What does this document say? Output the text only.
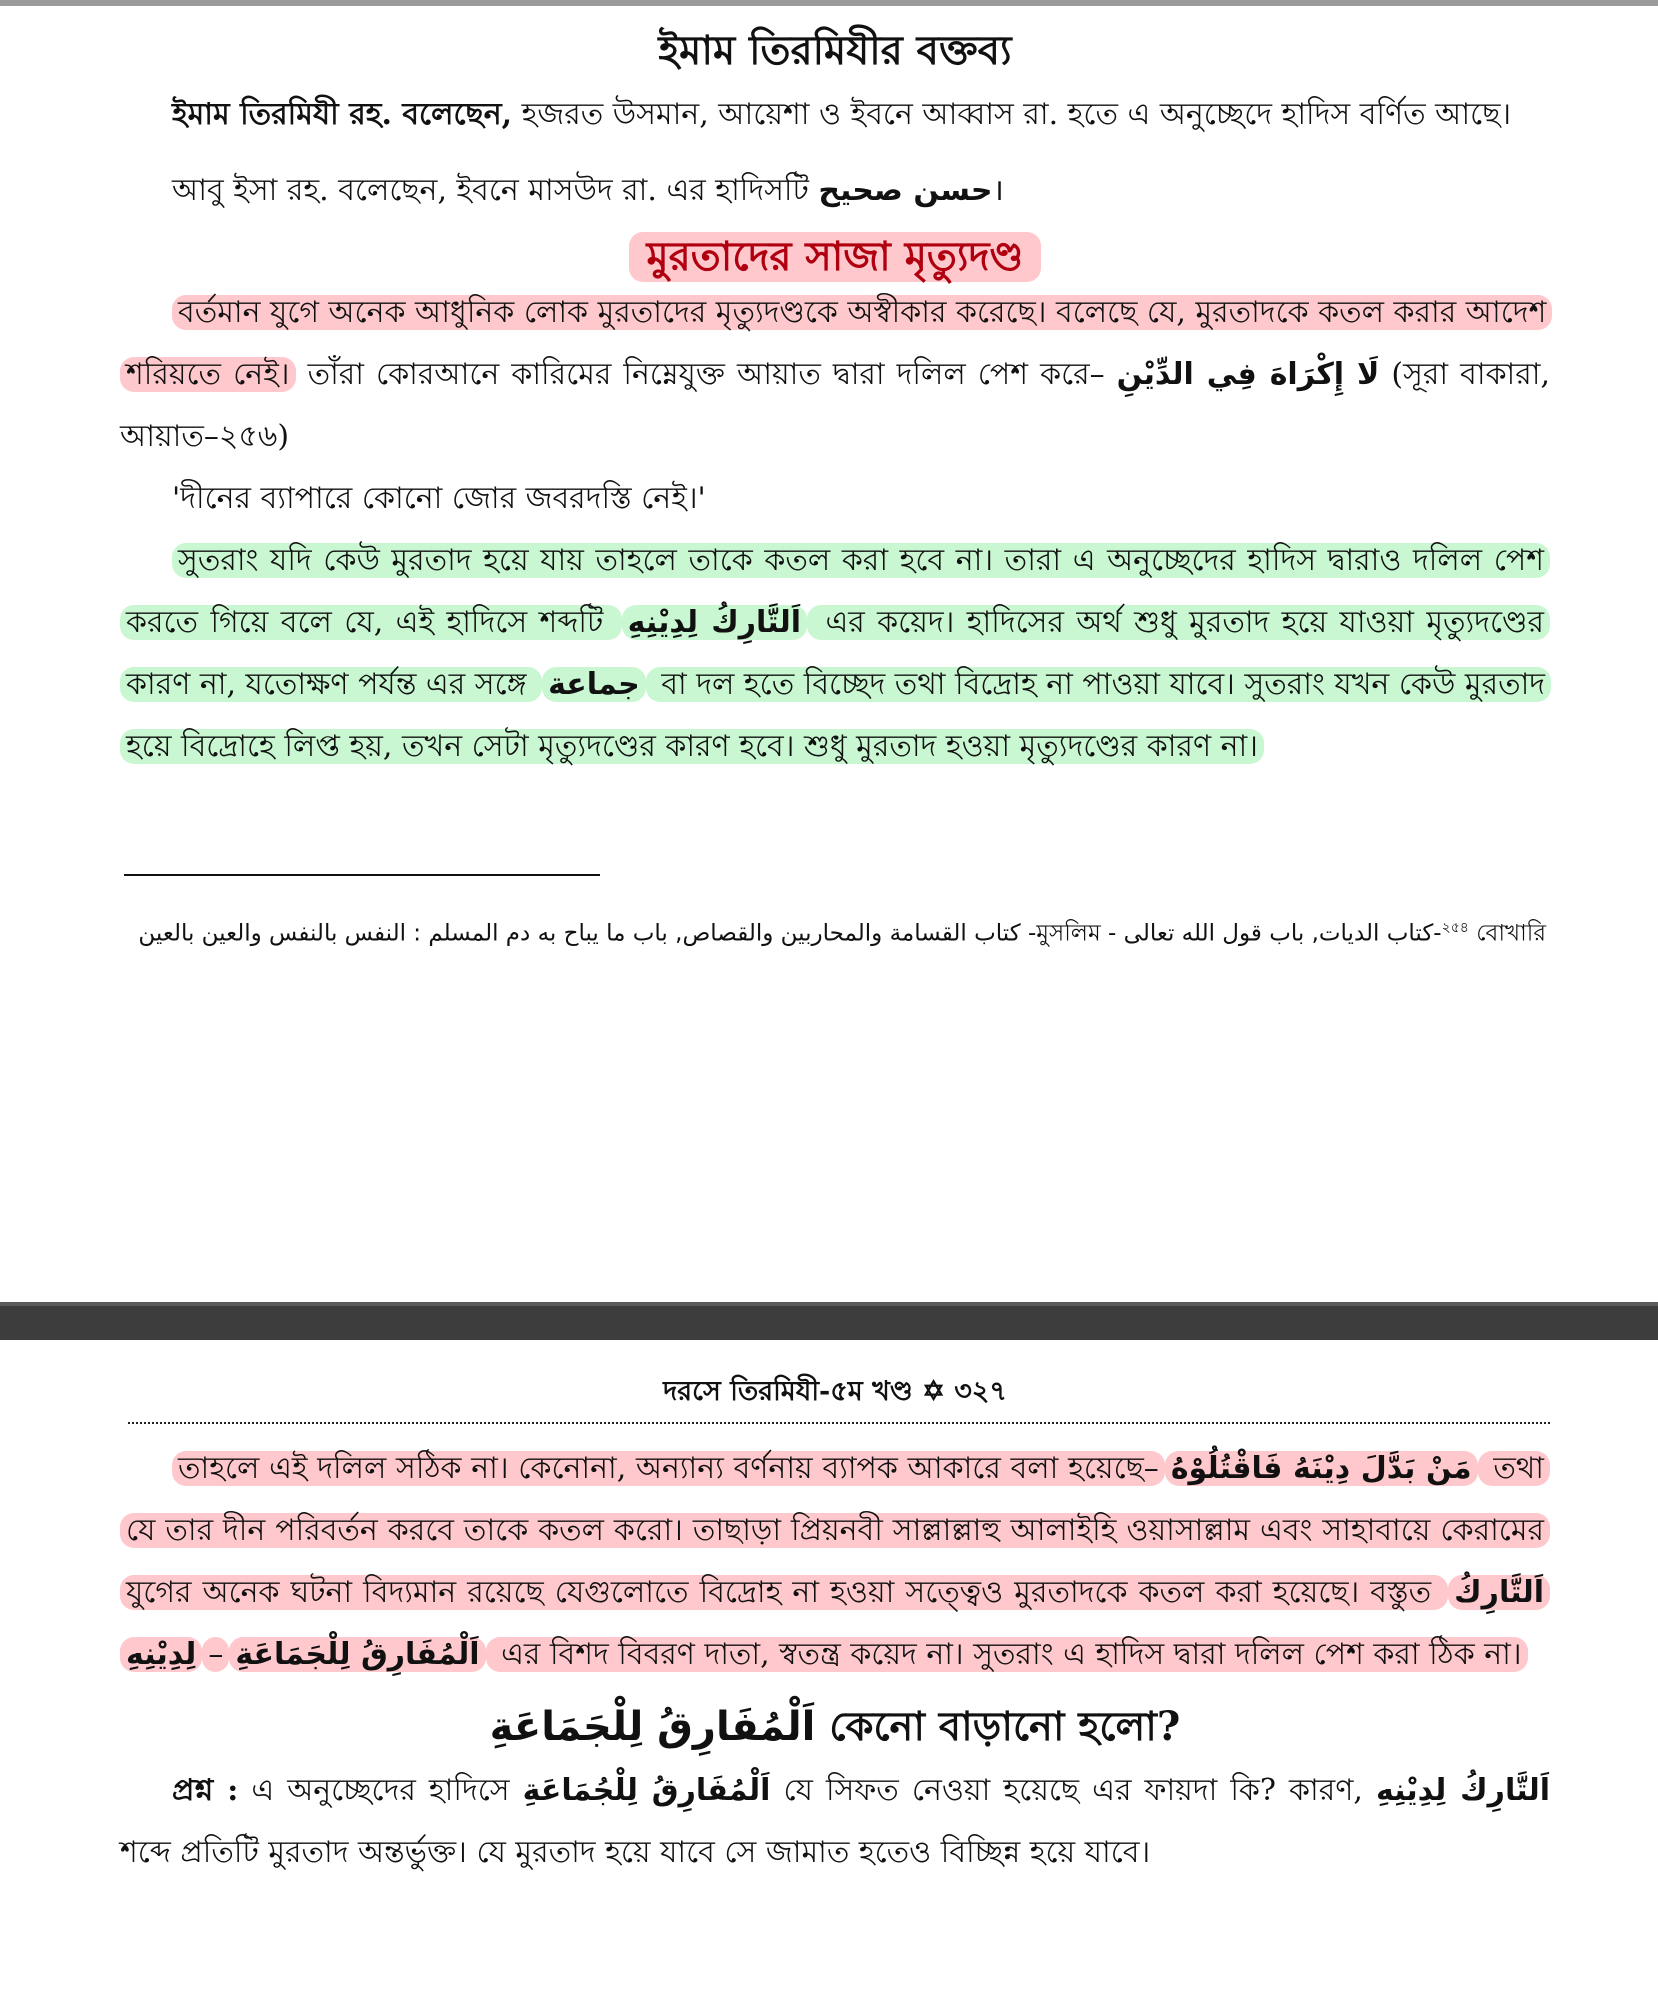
ইমাম তিরমিযীর বক্তব্য

ইমাম তিরমিযী রহ. বলেছেন, হজরত উসমান, আয়েশা ও ইবনে আব্বাস রা. হতে এ অনুচ্ছেদে হাদিস বর্ণিত আছে।

আবু ইসা রহ. বলেছেন, ইবনে মাসউদ রা. এর হাদিসটি حسن صحيح।

মুরতাদের সাজা মৃত্যুদণ্ড

বর্তমান যুগে অনেক আধুনিক লোক মুরতাদের মৃত্যুদণ্ডকে অস্বীকার করেছে। বলেছে যে, মুরতাদকে কতল করার আদেশ শরিয়তে নেই। তাঁরা কোরআনে কারিমের নিম্নেযুক্ত আয়াত দ্বারা দলিল পেশ করে– لَا إِكْرَاهَ فِي الدِّيْنِ (সূরা বাকারা, আয়াত–২৫৬)

'দীনের ব্যাপারে কোনো জোর জবরদস্তি নেই।'

সুতরাং যদি কেউ মুরতাদ হয়ে যায় তাহলে তাকে কতল করা হবে না। তারা এ অনুচ্ছেদের হাদিস দ্বারাও দলিল পেশ করতে গিয়ে বলে যে, এই হাদিসে শব্দটি اَلتَّارِكُ لِدِيْنِهِ এর কয়েদ। হাদিসের অর্থ শুধু মুরতাদ হয়ে যাওয়া মৃত্যুদণ্ডের কারণ না, যতোক্ষণ পর্যন্ত এর সঙ্গে جماعة বা দল হতে বিচ্ছেদ তথা বিদ্রোহ না পাওয়া যাবে। সুতরাং যখন কেউ মুরতাদ হয়ে বিদ্রোহে লিপ্ত হয়, তখন সেটা মৃত্যুদণ্ডের কারণ হবে। শুধু মুরতাদ হওয়া মৃত্যুদণ্ডের কারণ না।

$^{২৫৪}$ বোখারি-كتاب الديات, باب قول الله تعالى - মুসলিম- كتاب القسامة والمحاربين والقصاص, باب ما يباح به دم المسلم : النفس بالنفس والعين بالعين
দরসে তিরমিযী-৫ম খণ্ড ✡ ৩২৭

তাহলে এই দলিল সঠিক না। কেনোনা, অন্যান্য বর্ণনায় ব্যাপক আকারে বলা হয়েছে– مَنْ بَدَّلَ دِيْنَهُ فَاقْتُلُوْهُ তথা যে তার দীন পরিবর্তন করবে তাকে কতল করো। তাছাড়া প্রিয়নবী সাল্লাল্লাহু আলাইহি ওয়াসাল্লাম এবং সাহাবায়ে কেরামের যুগের অনেক ঘটনা বিদ্যমান রয়েছে যেগুলোতে বিদ্রোহ না হওয়া সত্ত্বেও মুরতাদকে কতল করা হয়েছে। বস্তুত اَلتَّارِكُ لِدِيْنِهِ – اَلْمُفَارِقُ لِلْجَمَاعَةِ এর বিশদ বিবরণ দাতা, স্বতন্ত্র কয়েদ না। সুতরাং এ হাদিস দ্বারা দলিল পেশ করা ঠিক না।

اَلْمُفَارِقُ لِلْجَمَاعَةِ কেনো বাড়ানো হলো?

প্রশ্ন : এ অনুচ্ছেদের হাদিসে اَلْمُفَارِقُ لِلْجُمَاعَةِ যে সিফত নেওয়া হয়েছে এর ফায়দা কি? কারণ, اَلتَّارِكُ لِدِيْنِهِ শব্দে প্রতিটি মুরতাদ অন্তর্ভুক্ত। যে মুরতাদ হয়ে যাবে সে জামাত হতেও বিচ্ছিন্ন হয়ে যাবে।
